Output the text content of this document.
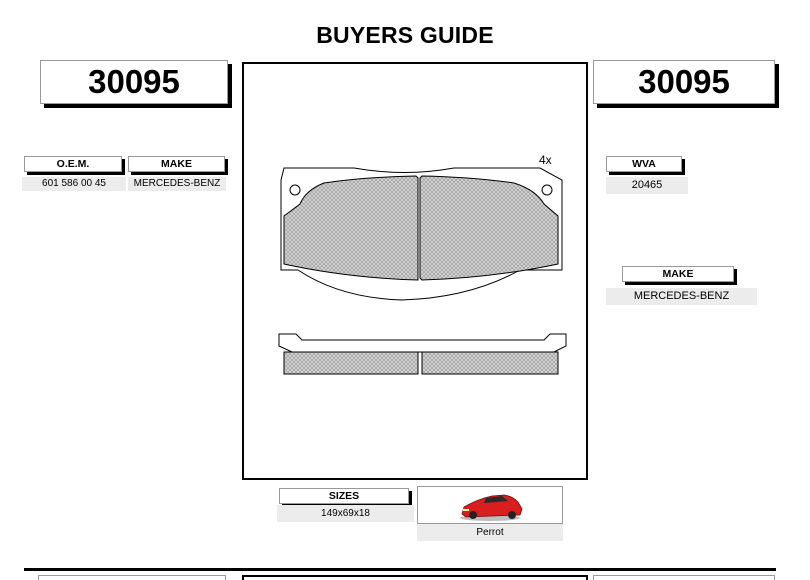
BUYERS GUIDE
30095	30095
O.E.M.
601 586 00 45
MAKE
MERCEDES-BENZ
WVA
20465
MAKE
MERCEDES-BENZ
4x
SIZES
149x69x18
Perrot
